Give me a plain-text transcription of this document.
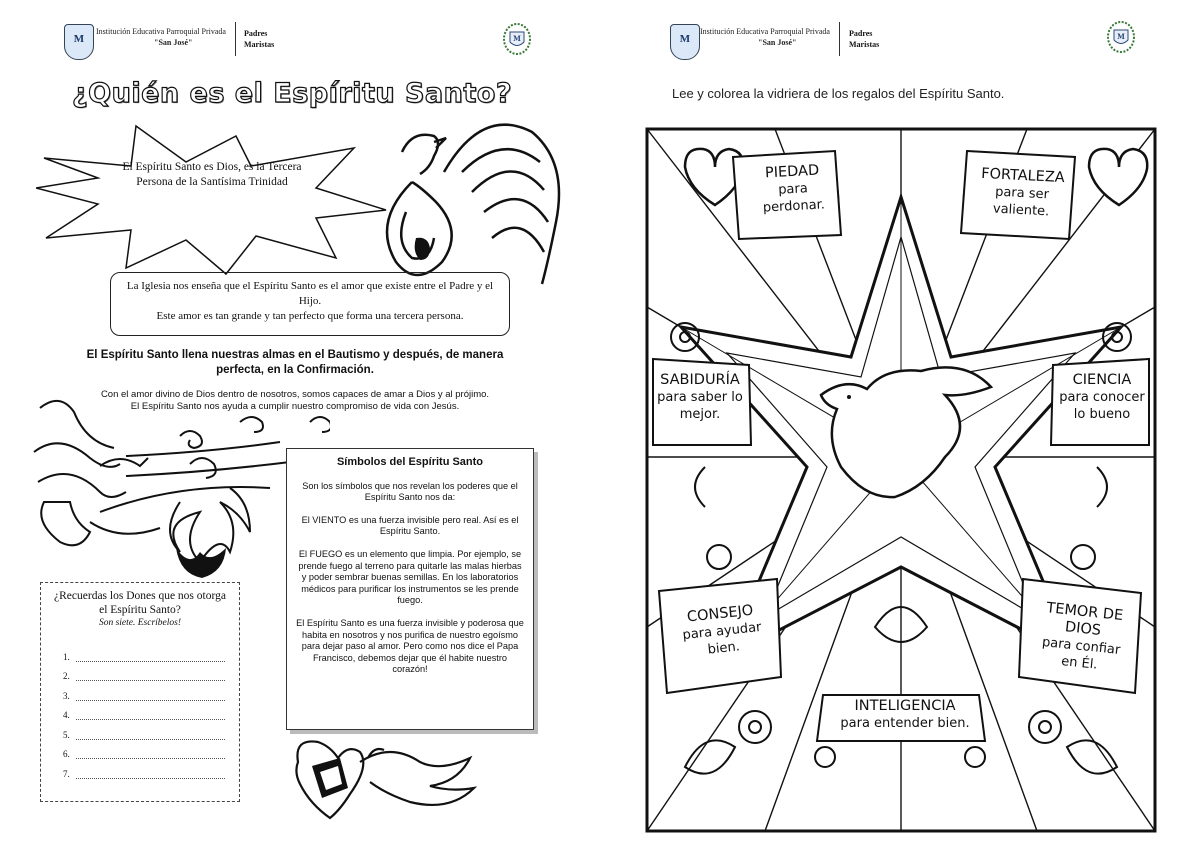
M
Institución Educativa Parroquial Privada
"San José"
Padres
Maristas
M
¿Quién es el Espíritu Santo?
El Espíritu Santo es Dios, es la Tercera Persona de la Santísima Trinidad
La Iglesia nos enseña que el Espíritu Santo es el amor que existe entre el Padre y el Hijo.
Este amor es tan grande y tan perfecto que forma una tercera persona.
El Espíritu Santo llena nuestras almas en el Bautismo y después, de manera perfecta, en la Confirmación.
Con el amor divino de Dios dentro de nosotros, somos capaces de amar a Dios y al prójimo.
El Espíritu Santo nos ayuda a cumplir nuestro compromiso de vida con Jesús.
Símbolos del Espíritu Santo

Son los símbolos que nos revelan los poderes que el Espíritu Santo nos da:

El VIENTO es una fuerza invisible pero real. Así es el Espíritu Santo.

El FUEGO es un elemento que limpia. Por ejemplo, se prende fuego al terreno para quitarle las malas hierbas y poder sembrar buenas semillas. En los laboratorios médicos para purificar los instrumentos se les prende fuego.

El Espíritu Santo es una fuerza invisible y poderosa que habita en nosotros y nos purifica de nuestro egoísmo para dejar paso al amor. Pero como nos dice el Papa Francisco, debemos dejar que él habite nuestro corazón!

¿Recuerdas los Dones que nos otorga el Espíritu Santo?
Son siete. Escríbelos!
1.
2.
3.
4.
5.
6.
7.
M
Institución Educativa Parroquial Privada
"San José"
Padres
Maristas
M
Lee y colorea la vidriera de los regalos del Espíritu Santo.
PIEDAD
para perdonar.
FORTALEZA
para ser valiente.
SABIDURÍA
para saber lo mejor.
CIENCIA
para conocer lo bueno
CONSEJO
para ayudar bien.
TEMOR DE DIOS
para confiar en Él.
INTELIGENCIA
para entender bien.
